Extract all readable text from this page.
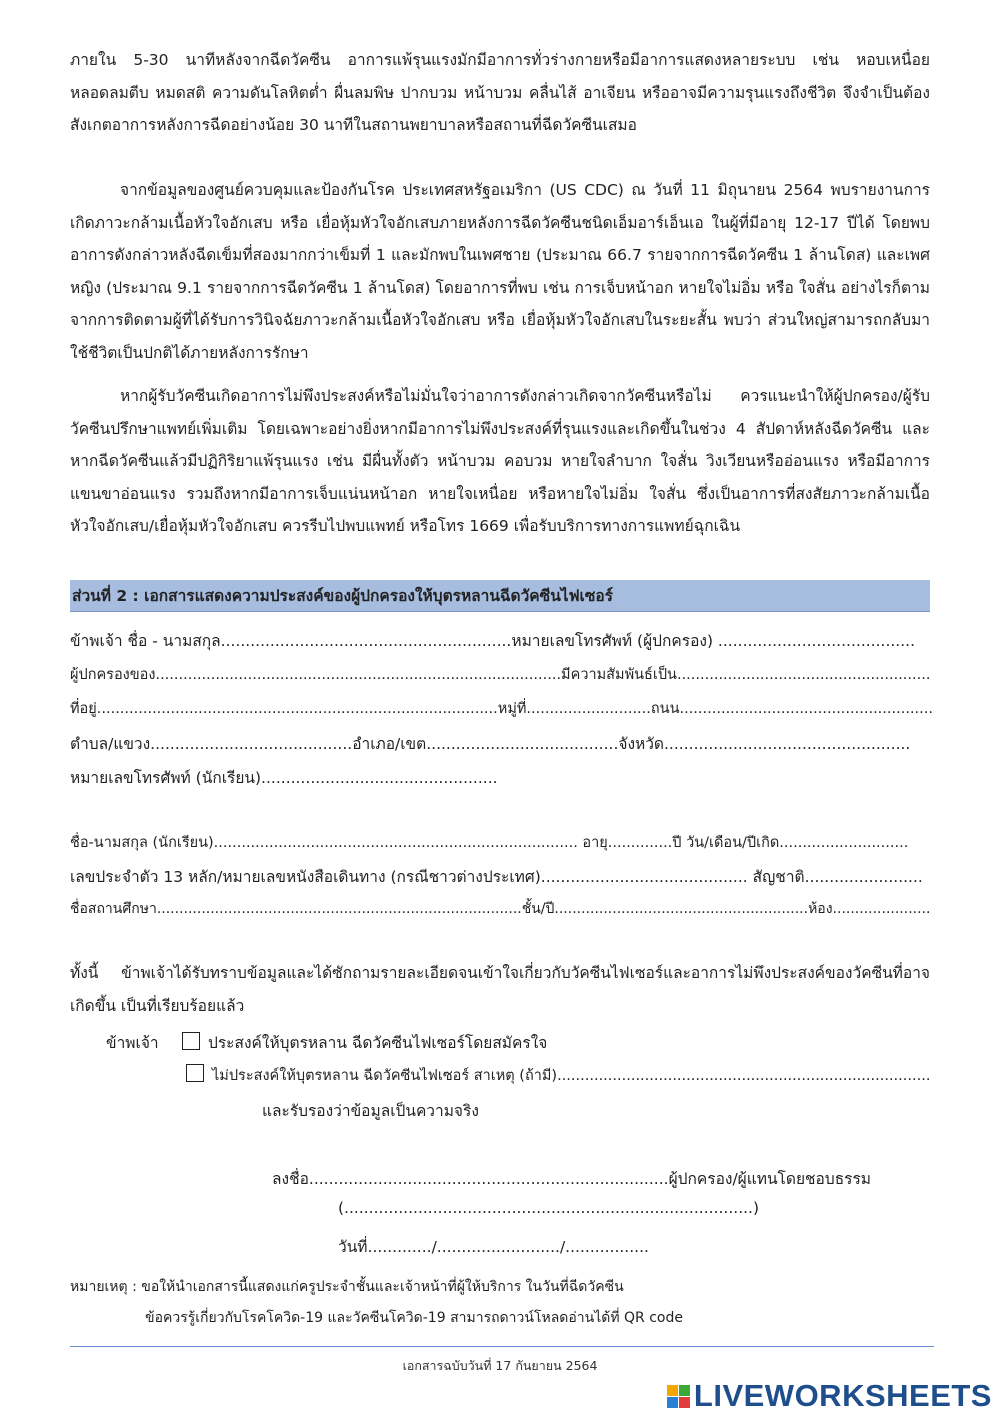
ภายใน 5-30 นาทีหลังจากฉีดวัคซีน อาการแพ้รุนแรงมักมีอาการทั่วร่างกายหรือมีอาการแสดงหลายระบบ เช่น หอบเหนื่อย หลอดลมตีบ หมดสติ ความดันโลหิตต่ำ ผื่นลมพิษ ปากบวม หน้าบวม คลื่นไส้ อาเจียน หรืออาจมีความรุนแรงถึงชีวิต จึงจำเป็นต้องสังเกตอาการหลังการฉีดอย่างน้อย 30 นาทีในสถานพยาบาลหรือสถานที่ฉีดวัคซีนเสมอ
จากข้อมูลของศูนย์ควบคุมและป้องกันโรค ประเทศสหรัฐอเมริกา (US CDC) ณ วันที่ 11 มิถุนายน 2564 พบรายงานการเกิดภาวะกล้ามเนื้อหัวใจอักเสบ หรือ เยื่อหุ้มหัวใจอักเสบภายหลังการฉีดวัคซีนชนิดเอ็มอาร์เอ็นเอ ในผู้ที่มีอายุ 12-17 ปีได้ โดยพบอาการดังกล่าวหลังฉีดเข็มที่สองมากกว่าเข็มที่ 1 และมักพบในเพศชาย (ประมาณ 66.7 รายจากการฉีดวัคซีน 1 ล้านโดส) และเพศหญิง (ประมาณ 9.1 รายจากการฉีดวัคซีน 1 ล้านโดส) โดยอาการที่พบ เช่น การเจ็บหน้าอก หายใจไม่อิ่ม หรือ ใจสั่น อย่างไรก็ตาม จากการติดตามผู้ที่ได้รับการวินิจฉัยภาวะกล้ามเนื้อหัวใจอักเสบ หรือ เยื่อหุ้มหัวใจอักเสบในระยะสั้น พบว่า ส่วนใหญ่สามารถกลับมาใช้ชีวิตเป็นปกติได้ภายหลังการรักษา
หากผู้รับวัคซีนเกิดอาการไม่พึงประสงค์หรือไม่มั่นใจว่าอาการดังกล่าวเกิดจากวัคซีนหรือไม่ ควรแนะนำให้ผู้ปกครอง/ผู้รับวัคซีนปรึกษาแพทย์เพิ่มเติม โดยเฉพาะอย่างยิ่งหากมีอาการไม่พึงประสงค์ที่รุนแรงและเกิดขึ้นในช่วง 4 สัปดาห์หลังฉีดวัคซีน และหากฉีดวัคซีนแล้วมีปฏิกิริยาแพ้รุนแรง เช่น มีผื่นทั้งตัว หน้าบวม คอบวม หายใจลำบาก ใจสั่น วิงเวียนหรืออ่อนแรง หรือมีอาการแขนขาอ่อนแรง รวมถึงหากมีอาการเจ็บแน่นหน้าอก หายใจเหนื่อย หรือหายใจไม่อิ่ม ใจสั่น ซึ่งเป็นอาการที่สงสัยภาวะกล้ามเนื้อหัวใจอักเสบ/เยื่อหุ้มหัวใจอักเสบ ควรรีบไปพบแพทย์ หรือโทร 1669 เพื่อรับบริการทางการแพทย์ฉุกเฉิน
ส่วนที่ 2 : เอกสารแสดงความประสงค์ของผู้ปกครองให้บุตรหลานฉีดวัคซีนไฟเซอร์
ข้าพเจ้า ชื่อ - นามสกุล...........................................................หมายเลขโทรศัพท์ (ผู้ปกครอง) ........................................
ผู้ปกครองของ........................................................................................มีความสัมพันธ์เป็น.......................................................
ที่อยู่.......................................................................................หมู่ที่...........................ถนน.......................................................
ตำบล/แขวง.........................................อำเภอ/เขต.......................................จังหวัด..................................................
หมายเลขโทรศัพท์ (นักเรียน)................................................
ชื่อ-นามสกุล (นักเรียน)............................................................................... อายุ..............ปี วัน/เดือน/ปีเกิด............................
เลขประจำตัว 13 หลัก/หมายเลขหนังสือเดินทาง (กรณีชาวต่างประเทศ).......................................... สัญชาติ........................
ชื่อสถานศึกษา..................................................................................ชั้น/ปี.........................................................ห้อง......................
ทั้งนี้ ข้าพเจ้าได้รับทราบข้อมูลและได้ซักถามรายละเอียดจนเข้าใจเกี่ยวกับวัคซีนไฟเซอร์และอาการไม่พึงประสงค์ของวัคซีนที่อาจเกิดขึ้น เป็นที่เรียบร้อยแล้ว
ข้าพเจ้า	ประสงค์ให้บุตรหลาน ฉีดวัคซีนไฟเซอร์โดยสมัครใจ
ไม่ประสงค์ให้บุตรหลาน ฉีดวัคซีนไฟเซอร์ สาเหตุ (ถ้ามี).................................................................................
และรับรองว่าข้อมูลเป็นความจริง
ลงชื่อ.........................................................................ผู้ปกครอง/ผู้แทนโดยชอบธรรม
(...................................................................................)
วันที่............./........................./.................
หมายเหตุ : ขอให้นำเอกสารนี้แสดงแก่ครูประจำชั้นและเจ้าหน้าที่ผู้ให้บริการ ในวันที่ฉีดวัคซีน
ข้อควรรู้เกี่ยวกับโรคโควิด-19 และวัคซีนโควิด-19 สามารถดาวน์โหลดอ่านได้ที่ QR code
เอกสารฉบับวันที่ 17 กันยายน 2564
LIVEWORKSHEETS
